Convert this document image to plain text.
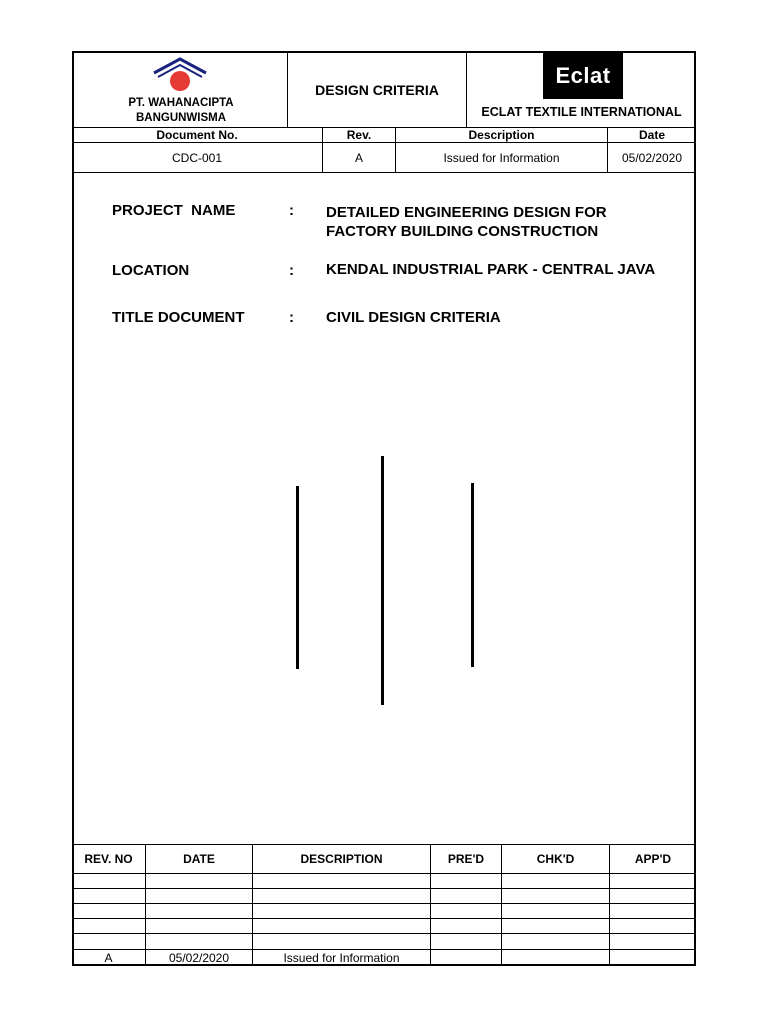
PT. WAHANACIPTA
BANGUNWISMA
DESIGN CRITERIA
Eclat
ECLAT TEXTILE INTERNATIONAL
Document No.	Rev.	Description	Date
CDC-001	A	Issued for Information	05/02/2020
PROJECT  NAME	: DETAILED ENGINEERING DESIGN FOR
FACTORY BUILDING CONSTRUCTION
LOCATION	: KENDAL INDUSTRIAL PARK - CENTRAL JAVA
TITLE DOCUMENT	: CIVIL DESIGN CRITERIA
REV. NO	DATE	DESCRIPTION	PRE'D	CHK'D	APP'D
A	05/02/2020	Issued for Information
